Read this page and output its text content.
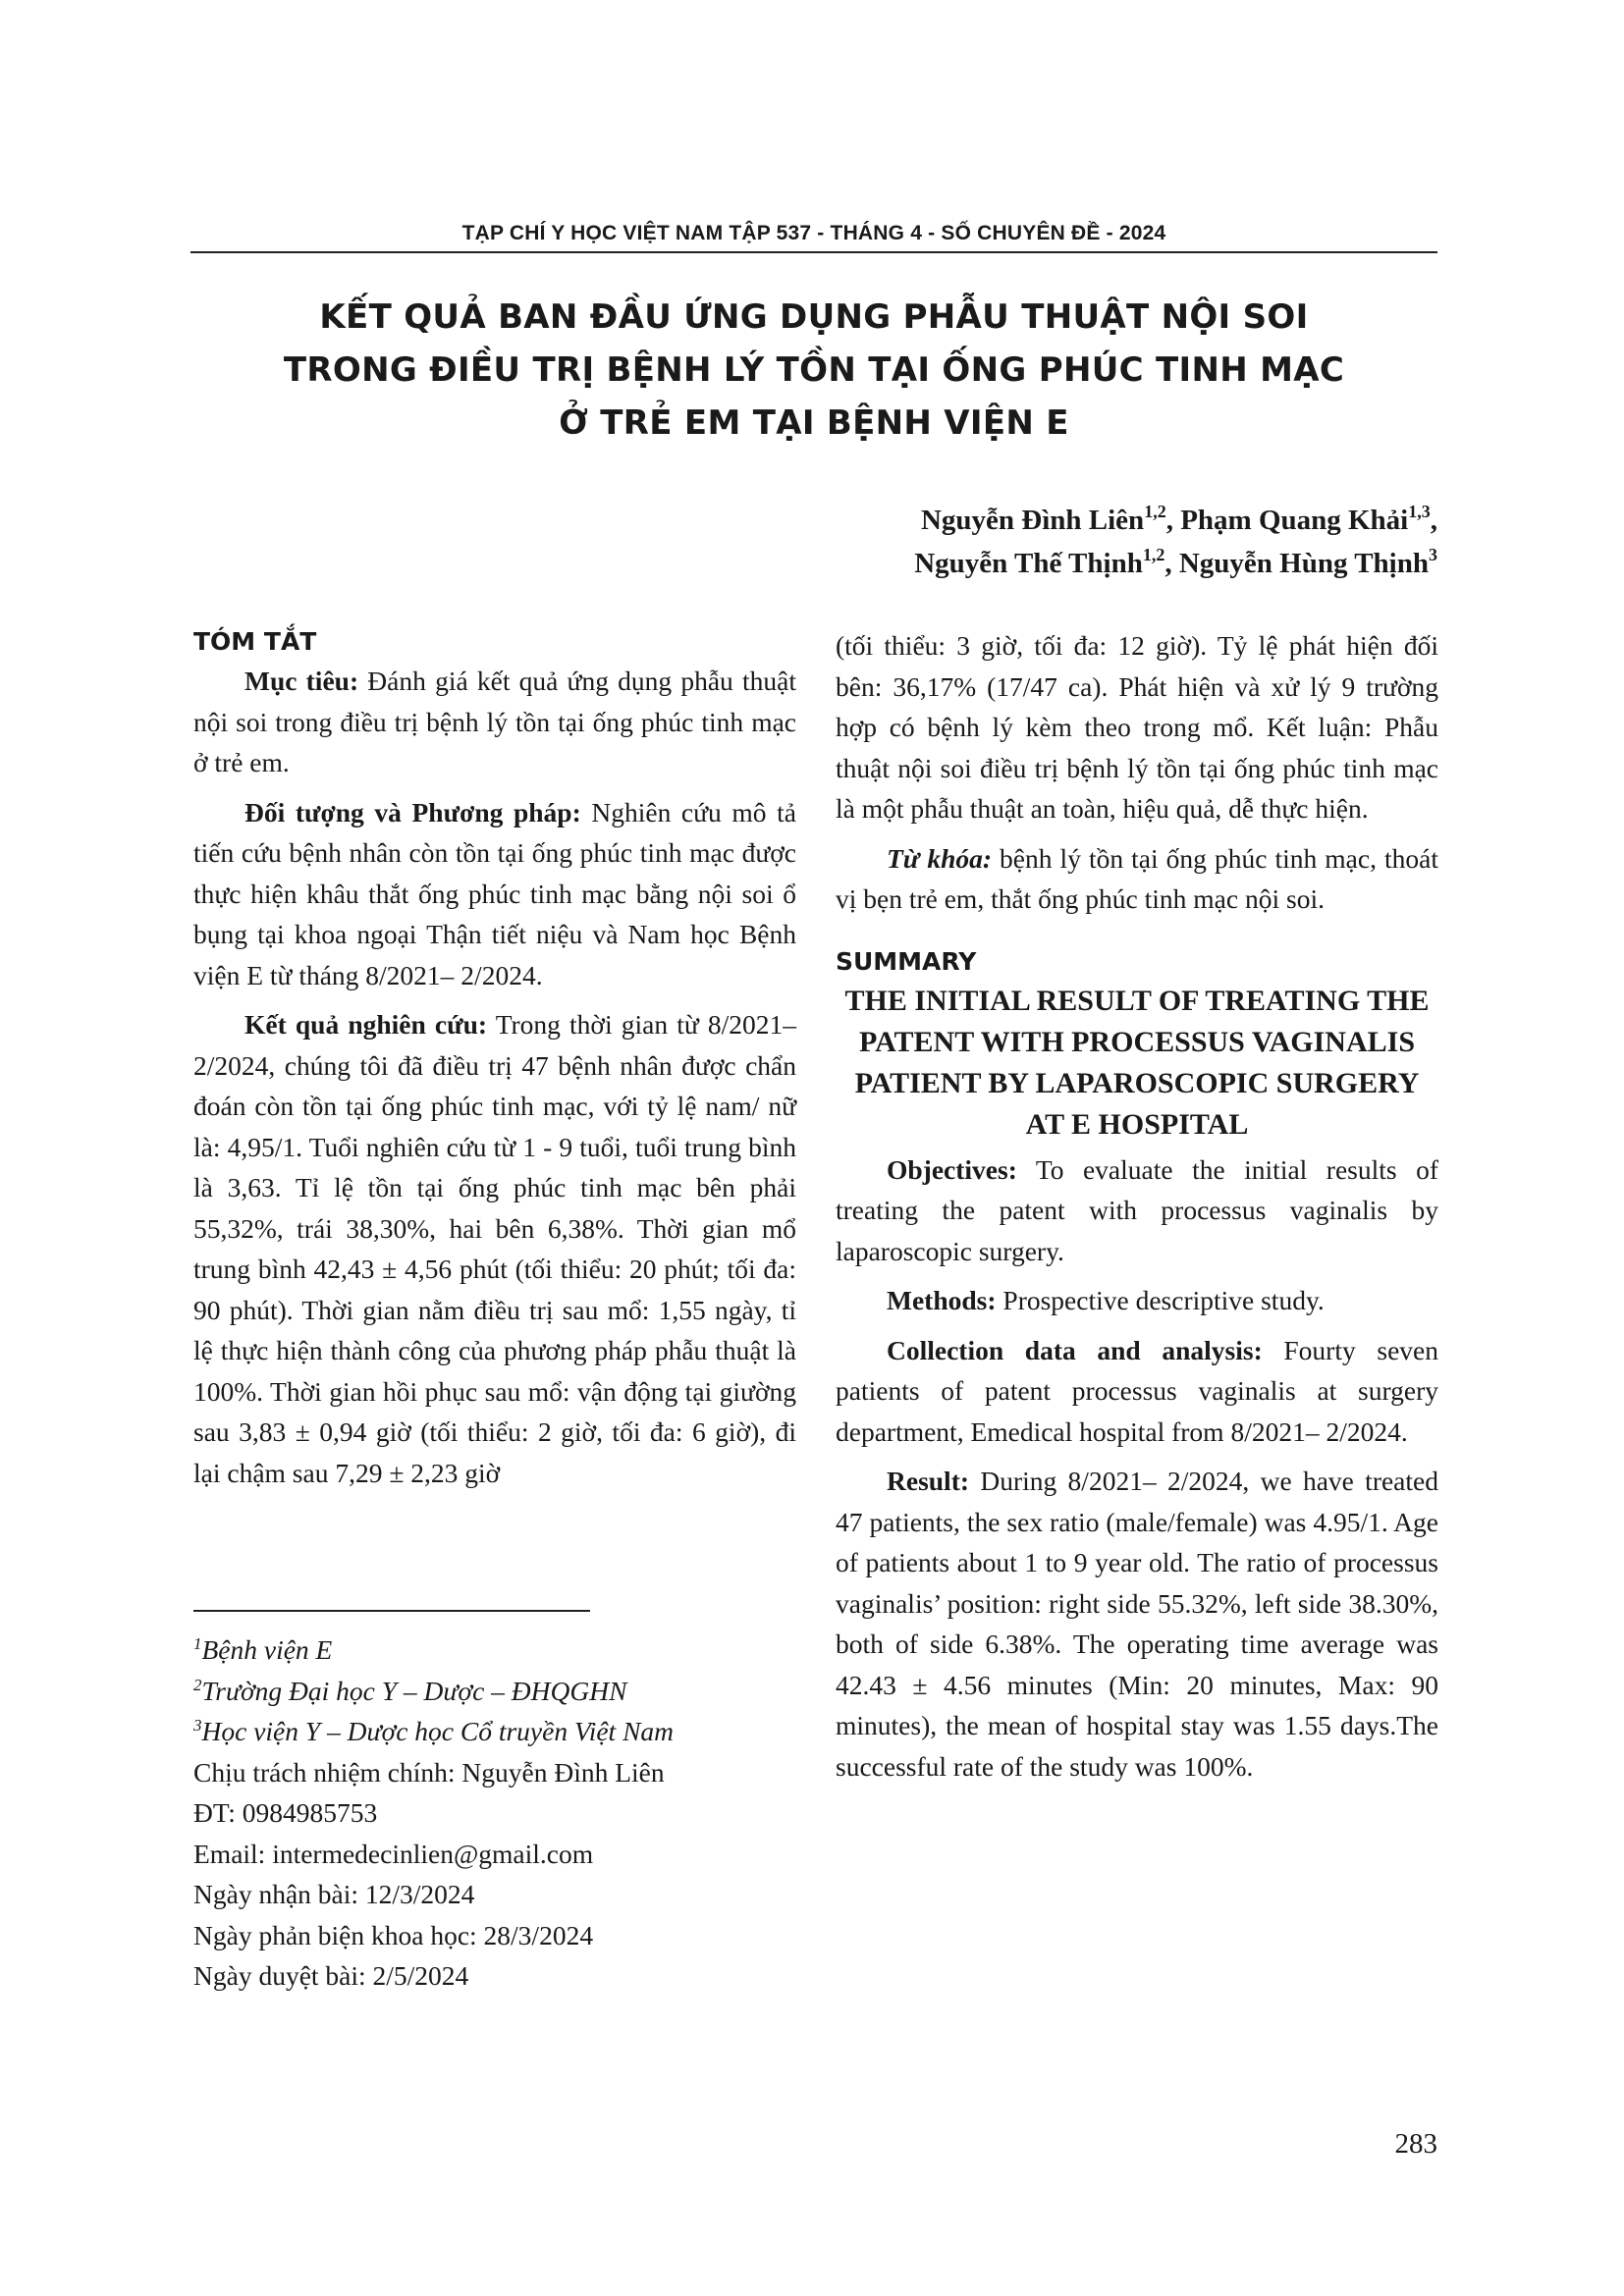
TẠP CHÍ Y HỌC VIỆT NAM TẬP 537 - THÁNG 4 - SỐ CHUYÊN ĐỀ - 2024
KẾT QUẢ BAN ĐẦU ỨNG DỤNG PHẪU THUẬT NỘI SOI
TRONG ĐIỀU TRỊ BỆNH LÝ TỒN TẠI ỐNG PHÚC TINH MẠC
Ở TRẺ EM TẠI BỆNH VIỆN E
Nguyễn Đình Liên$^{1,2}$, Phạm Quang Khải$^{1,3}$,
Nguyễn Thế Thịnh$^{1,2}$, Nguyễn Hùng Thịnh$^3$
TÓM TẮT

Mục tiêu: Đánh giá kết quả ứng dụng phẫu thuật nội soi trong điều trị bệnh lý tồn tại ống phúc tinh mạc ở trẻ em.

Đối tượng và Phương pháp: Nghiên cứu mô tả tiến cứu bệnh nhân còn tồn tại ống phúc tinh mạc được thực hiện khâu thắt ống phúc tinh mạc bằng nội soi ổ bụng tại khoa ngoại Thận tiết niệu và Nam học Bệnh viện E từ tháng 8/2021– 2/2024.

Kết quả nghiên cứu: Trong thời gian từ 8/2021– 2/2024, chúng tôi đã điều trị 47 bệnh nhân được chẩn đoán còn tồn tại ống phúc tinh mạc, với tỷ lệ nam/ nữ là: 4,95/1. Tuổi nghiên cứu từ 1 - 9 tuổi, tuổi trung bình là 3,63. Tỉ lệ tồn tại ống phúc tinh mạc bên phải 55,32%, trái 38,30%, hai bên 6,38%. Thời gian mổ trung bình 42,43 ± 4,56 phút (tối thiểu: 20 phút; tối đa: 90 phút). Thời gian nằm điều trị sau mổ: 1,55 ngày, tỉ lệ thực hiện thành công của phương pháp phẫu thuật là 100%. Thời gian hồi phục sau mổ: vận động tại giường sau 3,83 ± 0,94 giờ (tối thiểu: 2 giờ, tối đa: 6 giờ), đi lại chậm sau 7,29 ± 2,23 giờ

$^1$Bệnh viện E
$^2$Trường Đại học Y – Dược – ĐHQGHN
$^3$Học viện Y – Dược học Cổ truyền Việt Nam
Chịu trách nhiệm chính: Nguyễn Đình Liên
ĐT: 0984985753
Email: intermedecinlien@gmail.com
Ngày nhận bài: 12/3/2024
Ngày phản biện khoa học: 28/3/2024
Ngày duyệt bài: 2/5/2024

(tối thiểu: 3 giờ, tối đa: 12 giờ). Tỷ lệ phát hiện đối bên: 36,17% (17/47 ca). Phát hiện và xử lý 9 trường hợp có bệnh lý kèm theo trong mổ. Kết luận: Phẫu thuật nội soi điều trị bệnh lý tồn tại ống phúc tinh mạc là một phẫu thuật an toàn, hiệu quả, dễ thực hiện.

Từ khóa: bệnh lý tồn tại ống phúc tinh mạc, thoát vị bẹn trẻ em, thắt ống phúc tinh mạc nội soi.

SUMMARY
THE INITIAL RESULT OF TREATING THE PATENT WITH PROCESSUS VAGINALIS PATIENT BY LAPAROSCOPIC SURGERY AT E HOSPITAL

Objectives: To evaluate the initial results of treating the patent with processus vaginalis by laparoscopic surgery.

Methods: Prospective descriptive study.

Collection data and analysis: Fourty seven patients of patent processus vaginalis at surgery department, Emedical hospital from 8/2021– 2/2024.

Result: During 8/2021– 2/2024, we have treated 47 patients, the sex ratio (male/female) was 4.95/1. Age of patients about 1 to 9 year old. The ratio of processus vaginalis’ position: right side 55.32%, left side 38.30%, both of side 6.38%. The operating time average was 42.43 ± 4.56 minutes (Min: 20 minutes, Max: 90 minutes), the mean of hospital stay was 1.55 days.The successful rate of the study was 100%.

283
